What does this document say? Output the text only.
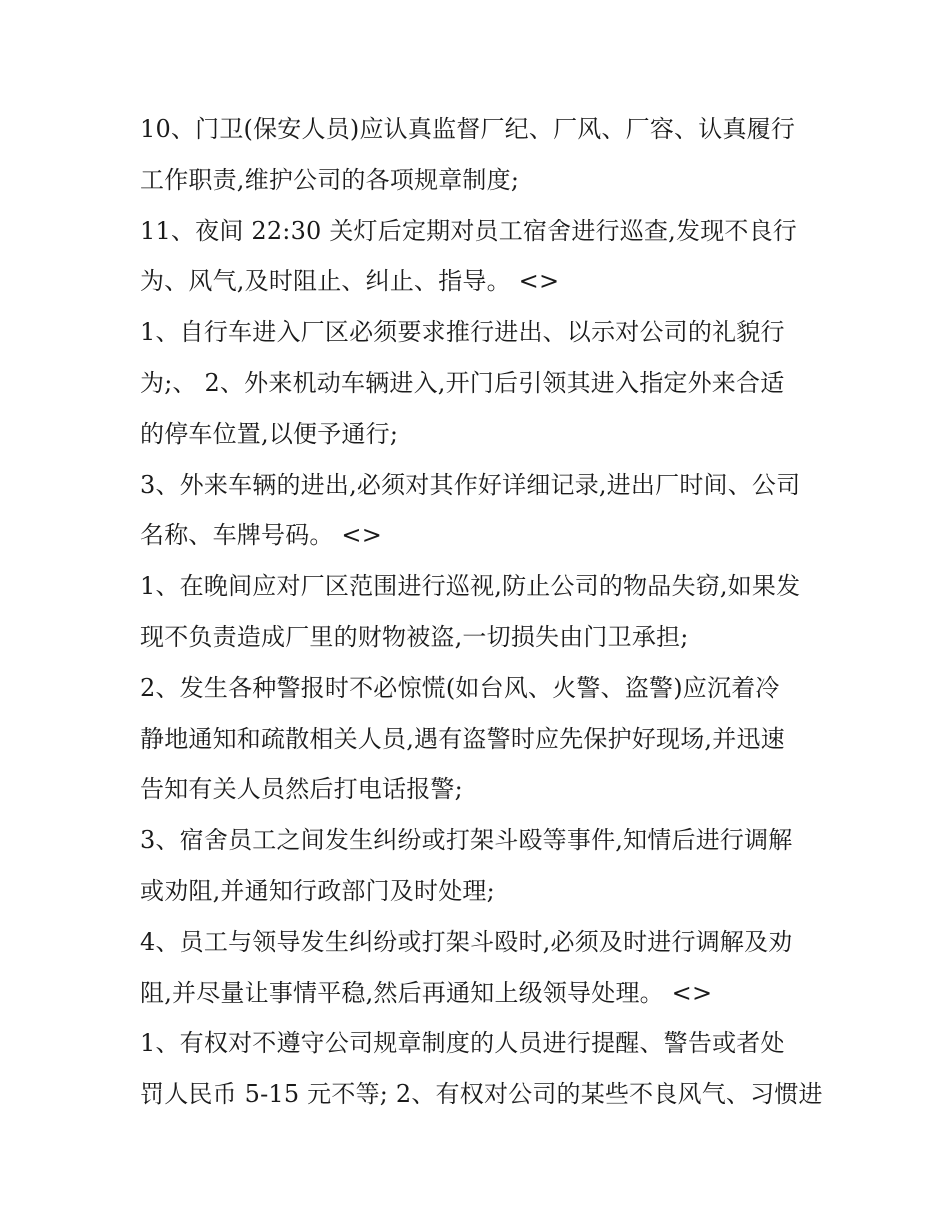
10、门卫(保安人员)应认真监督厂纪、厂风、厂容、认真履行
工作职责,维护公司的各项规章制度;
11、夜间 22:30 关灯后定期对员工宿舍进行巡查,发现不良行
为、风气,及时阻止、纠止、指导。 <>
1、自行车进入厂区必须要求推行进出、以示对公司的礼貌行
为;、 2、外来机动车辆进入,开门后引领其进入指定外来合适
的停车位置,以便予通行;
3、外来车辆的进出,必须对其作好详细记录,进出厂时间、公司
名称、车牌号码。 <>
1、在晚间应对厂区范围进行巡视,防止公司的物品失窃,如果发
现不负责造成厂里的财物被盗,一切损失由门卫承担;
2、发生各种警报时不必惊慌(如台风、火警、盗警)应沉着冷
静地通知和疏散相关人员,遇有盗警时应先保护好现场,并迅速
告知有关人员然后打电话报警;
3、宿舍员工之间发生纠纷或打架斗殴等事件,知情后进行调解
或劝阻,并通知行政部门及时处理;
4、员工与领导发生纠纷或打架斗殴时,必须及时进行调解及劝
阻,并尽量让事情平稳,然后再通知上级领导处理。 <>
1、有权对不遵守公司规章制度的人员进行提醒、警告或者处
罚人民币 5-15 元不等; 2、有权对公司的某些不良风气、习惯进
